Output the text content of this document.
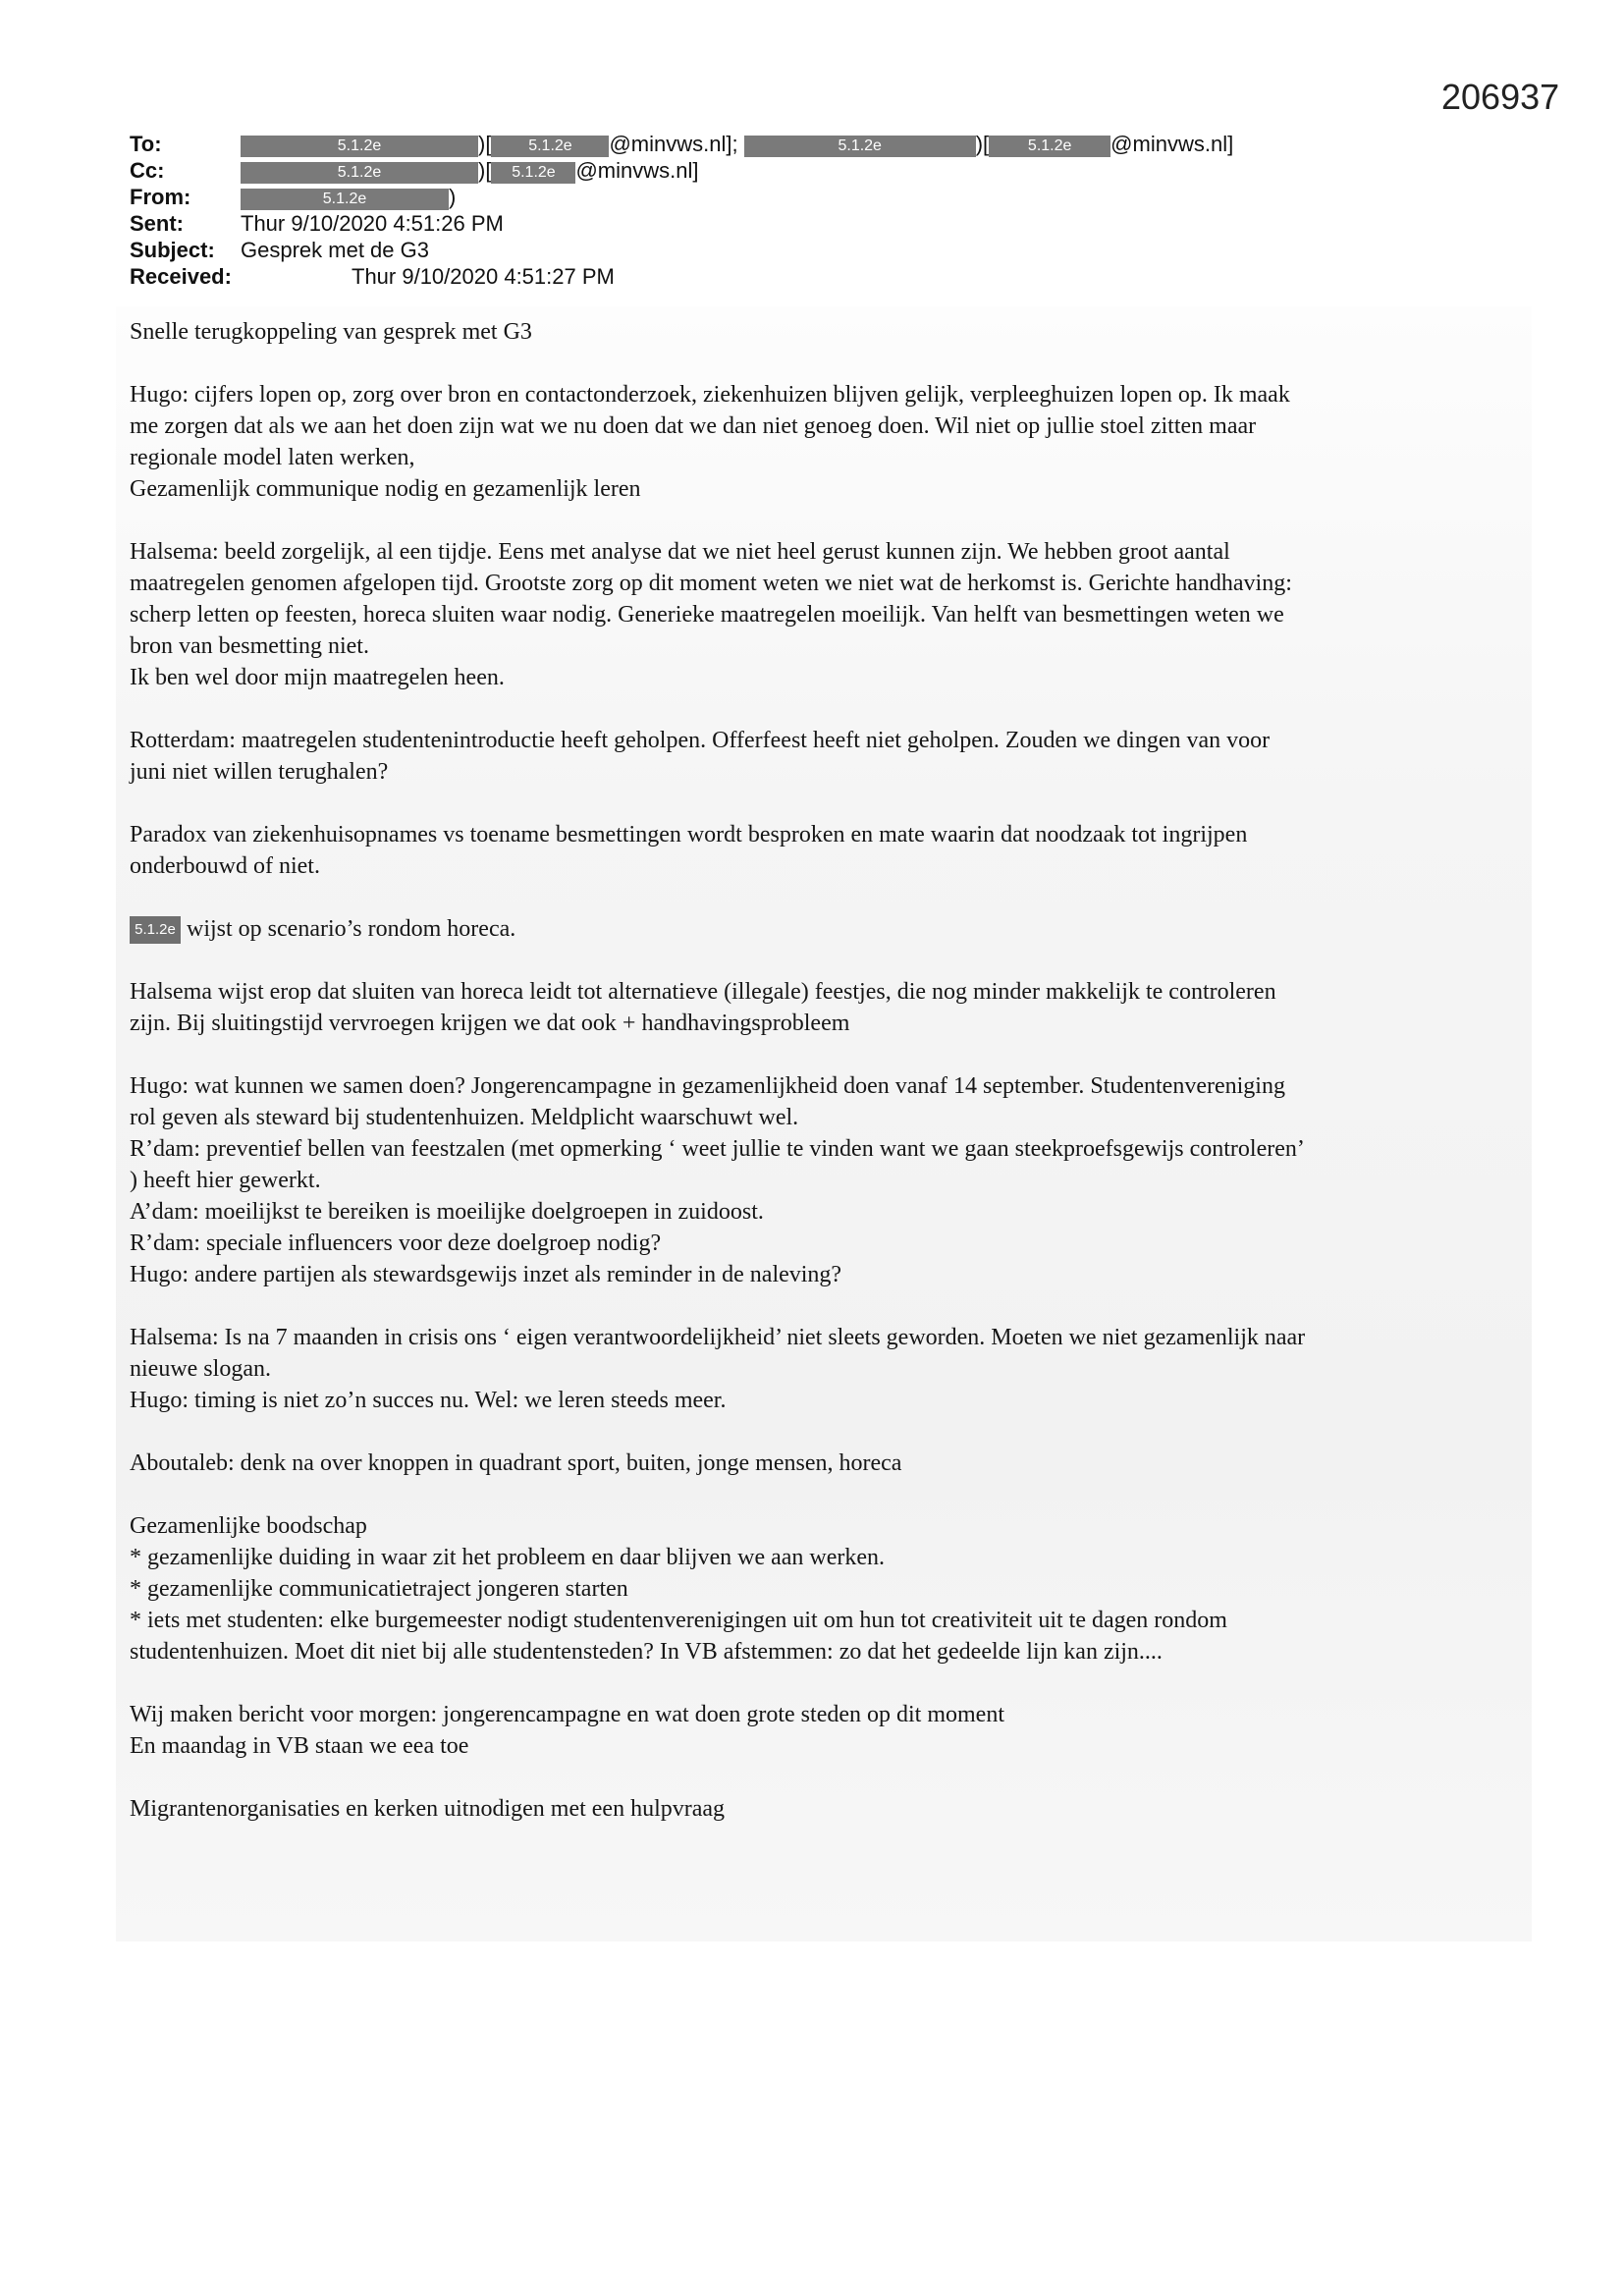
206937
To:	5.1.2e	)[ 5.1.2e @minvws.nl];	5.1.2e	)[ 5.1.2e @minvws.nl]
Cc:	5.1.2e	)[ 5.1.2e @minvws.nl]
From:	5.1.2e	)
Sent:	Thur 9/10/2020 4:51:26 PM
Subject: Gesprek met de G3
Received:	Thur 9/10/2020 4:51:27 PM

Snelle terugkoppeling van gesprek met G3

Hugo: cijfers lopen op, zorg over bron en contactonderzoek, ziekenhuizen blijven gelijk, verpleeghuizen lopen op. Ik maak
me zorgen dat als we aan het doen zijn wat we nu doen dat we dan niet genoeg doen. Wil niet op jullie stoel zitten maar
regionale model laten werken,
Gezamenlijk communique nodig en gezamenlijk leren

Halsema: beeld zorgelijk, al een tijdje. Eens met analyse dat we niet heel gerust kunnen zijn. We hebben groot aantal
maatregelen genomen afgelopen tijd. Grootste zorg op dit moment weten we niet wat de herkomst is. Gerichte handhaving:
scherp letten op feesten, horeca sluiten waar nodig. Generieke maatregelen moeilijk. Van helft van besmettingen weten we
bron van besmetting niet.
Ik ben wel door mijn maatregelen heen.

Rotterdam: maatregelen studentenintroductie heeft geholpen. Offerfeest heeft niet geholpen. Zouden we dingen van voor
juni niet willen terughalen?

Paradox van ziekenhuisopnames vs toename besmettingen wordt besproken en mate waarin dat noodzaak tot ingrijpen
onderbouwd of niet.

5.1.2e wijst op scenario’s rondom horeca.

Halsema wijst erop dat sluiten van horeca leidt tot alternatieve (illegale) feestjes, die nog minder makkelijk te controleren
zijn. Bij sluitingstijd vervroegen krijgen we dat ook + handhavingsprobleem

Hugo: wat kunnen we samen doen? Jongerencampagne in gezamenlijkheid doen vanaf 14 september. Studentenvereniging
rol geven als steward bij studentenhuizen. Meldplicht waarschuwt wel.
R’dam: preventief bellen van feestzalen (met opmerking ‘ weet jullie te vinden want we gaan steekproefsgewijs controleren’
) heeft hier gewerkt.
A’dam: moeilijkst te bereiken is moeilijke doelgroepen in zuidoost.
R’dam: speciale influencers voor deze doelgroep nodig?
Hugo: andere partijen als stewardsgewijs inzet als reminder in de naleving?

Halsema: Is na 7 maanden in crisis ons ‘ eigen verantwoordelijkheid’ niet sleets geworden. Moeten we niet gezamenlijk naar
nieuwe slogan.
Hugo: timing is niet zo’n succes nu. Wel: we leren steeds meer.

Aboutaleb: denk na over knoppen in quadrant sport, buiten, jonge mensen, horeca

Gezamenlijke boodschap
* gezamenlijke duiding in waar zit het probleem en daar blijven we aan werken.
* gezamenlijke communicatietraject jongeren starten
* iets met studenten: elke burgemeester nodigt studentenverenigingen uit om hun tot creativiteit uit te dagen rondom
studentenhuizen. Moet dit niet bij alle studentensteden? In VB afstemmen: zo dat het gedeelde lijn kan zijn....

Wij maken bericht voor morgen: jongerencampagne en wat doen grote steden op dit moment
En maandag in VB staan we eea toe

Migrantenorganisaties en kerken uitnodigen met een hulpvraag
